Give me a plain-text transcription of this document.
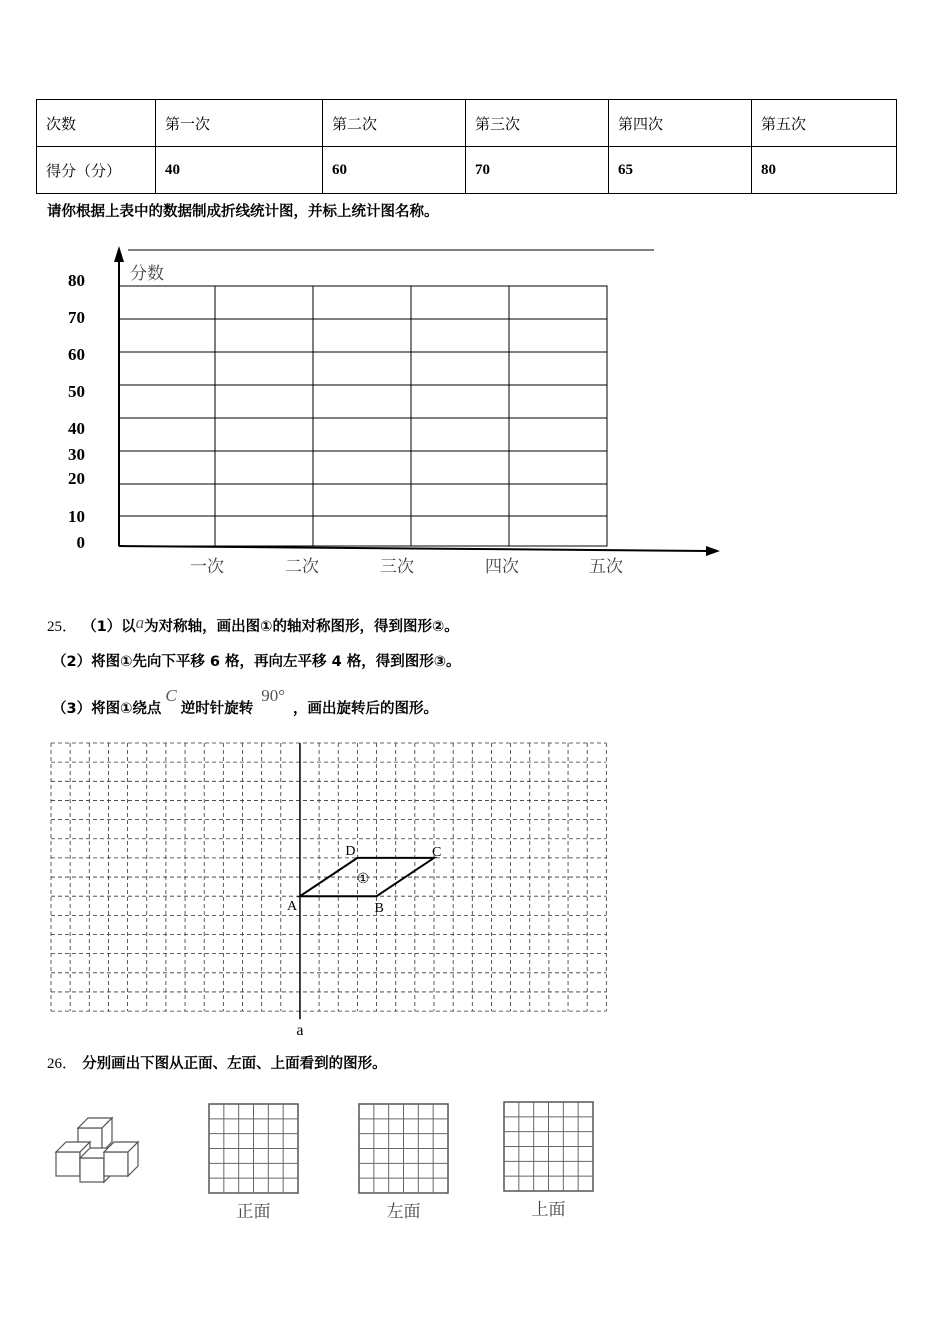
次数	第一次	第二次	第三次	第四次	第五次
得分（分）	40	60	70	65	80
请你根据上表中的数据制成折线统计图，并标上统计图名称。
分数
80
70
60
50
40
30
20
10
0
一次	二次	三次	四次	五次
25． （1）以a为对称轴，画出图①的轴对称图形，得到图形②。
（2）将图①先向下平移 6 格，再向左平移 4 格，得到图形③。
（3）将图①绕点C逆时针旋转90°，画出旋转后的图形。
a
A	B
C
D
①
26． 分别画出下图从正面、左面、上面看到的图形。
正面	左面	上面
